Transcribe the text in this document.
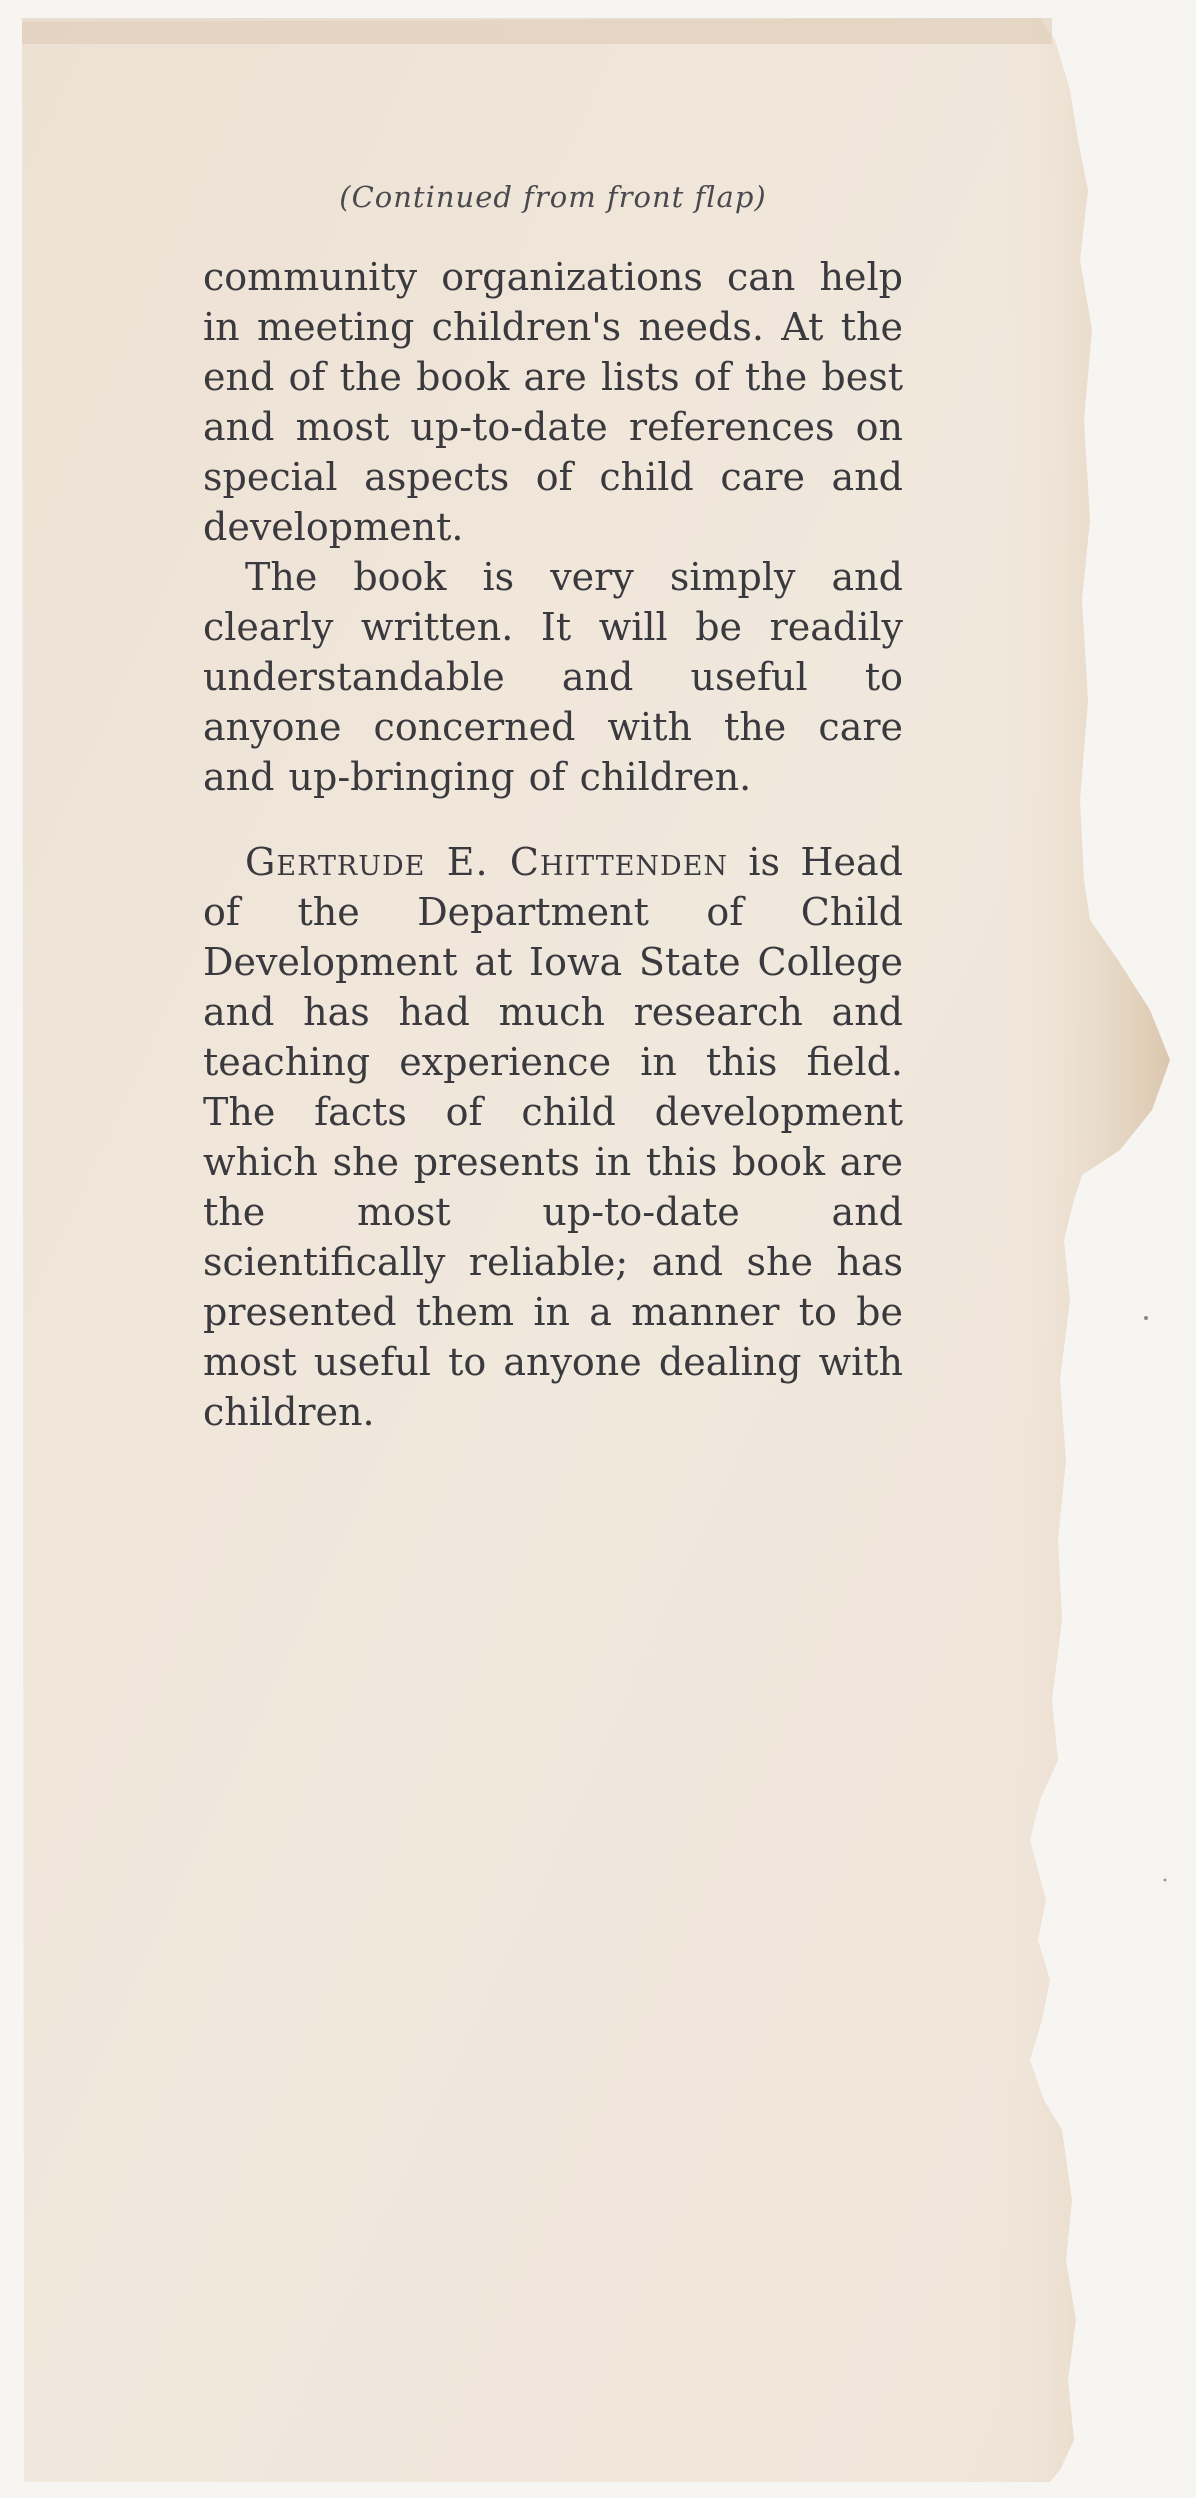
(Continued from front flap)

community organizations can help in meeting children's needs. At the end of the book are lists of the best and most up-to-date references on special aspects of child care and development.

The book is very simply and clearly written. It will be readily understandable and useful to anyone concerned with the care and up-bringing of children.

Gertrude E. Chittenden is Head of the Department of Child Development at Iowa State College and has had much research and teaching experience in this field. The facts of child development which she presents in this book are the most up-to-date and scientifically reliable; and she has presented them in a manner to be most useful to anyone dealing with children.
